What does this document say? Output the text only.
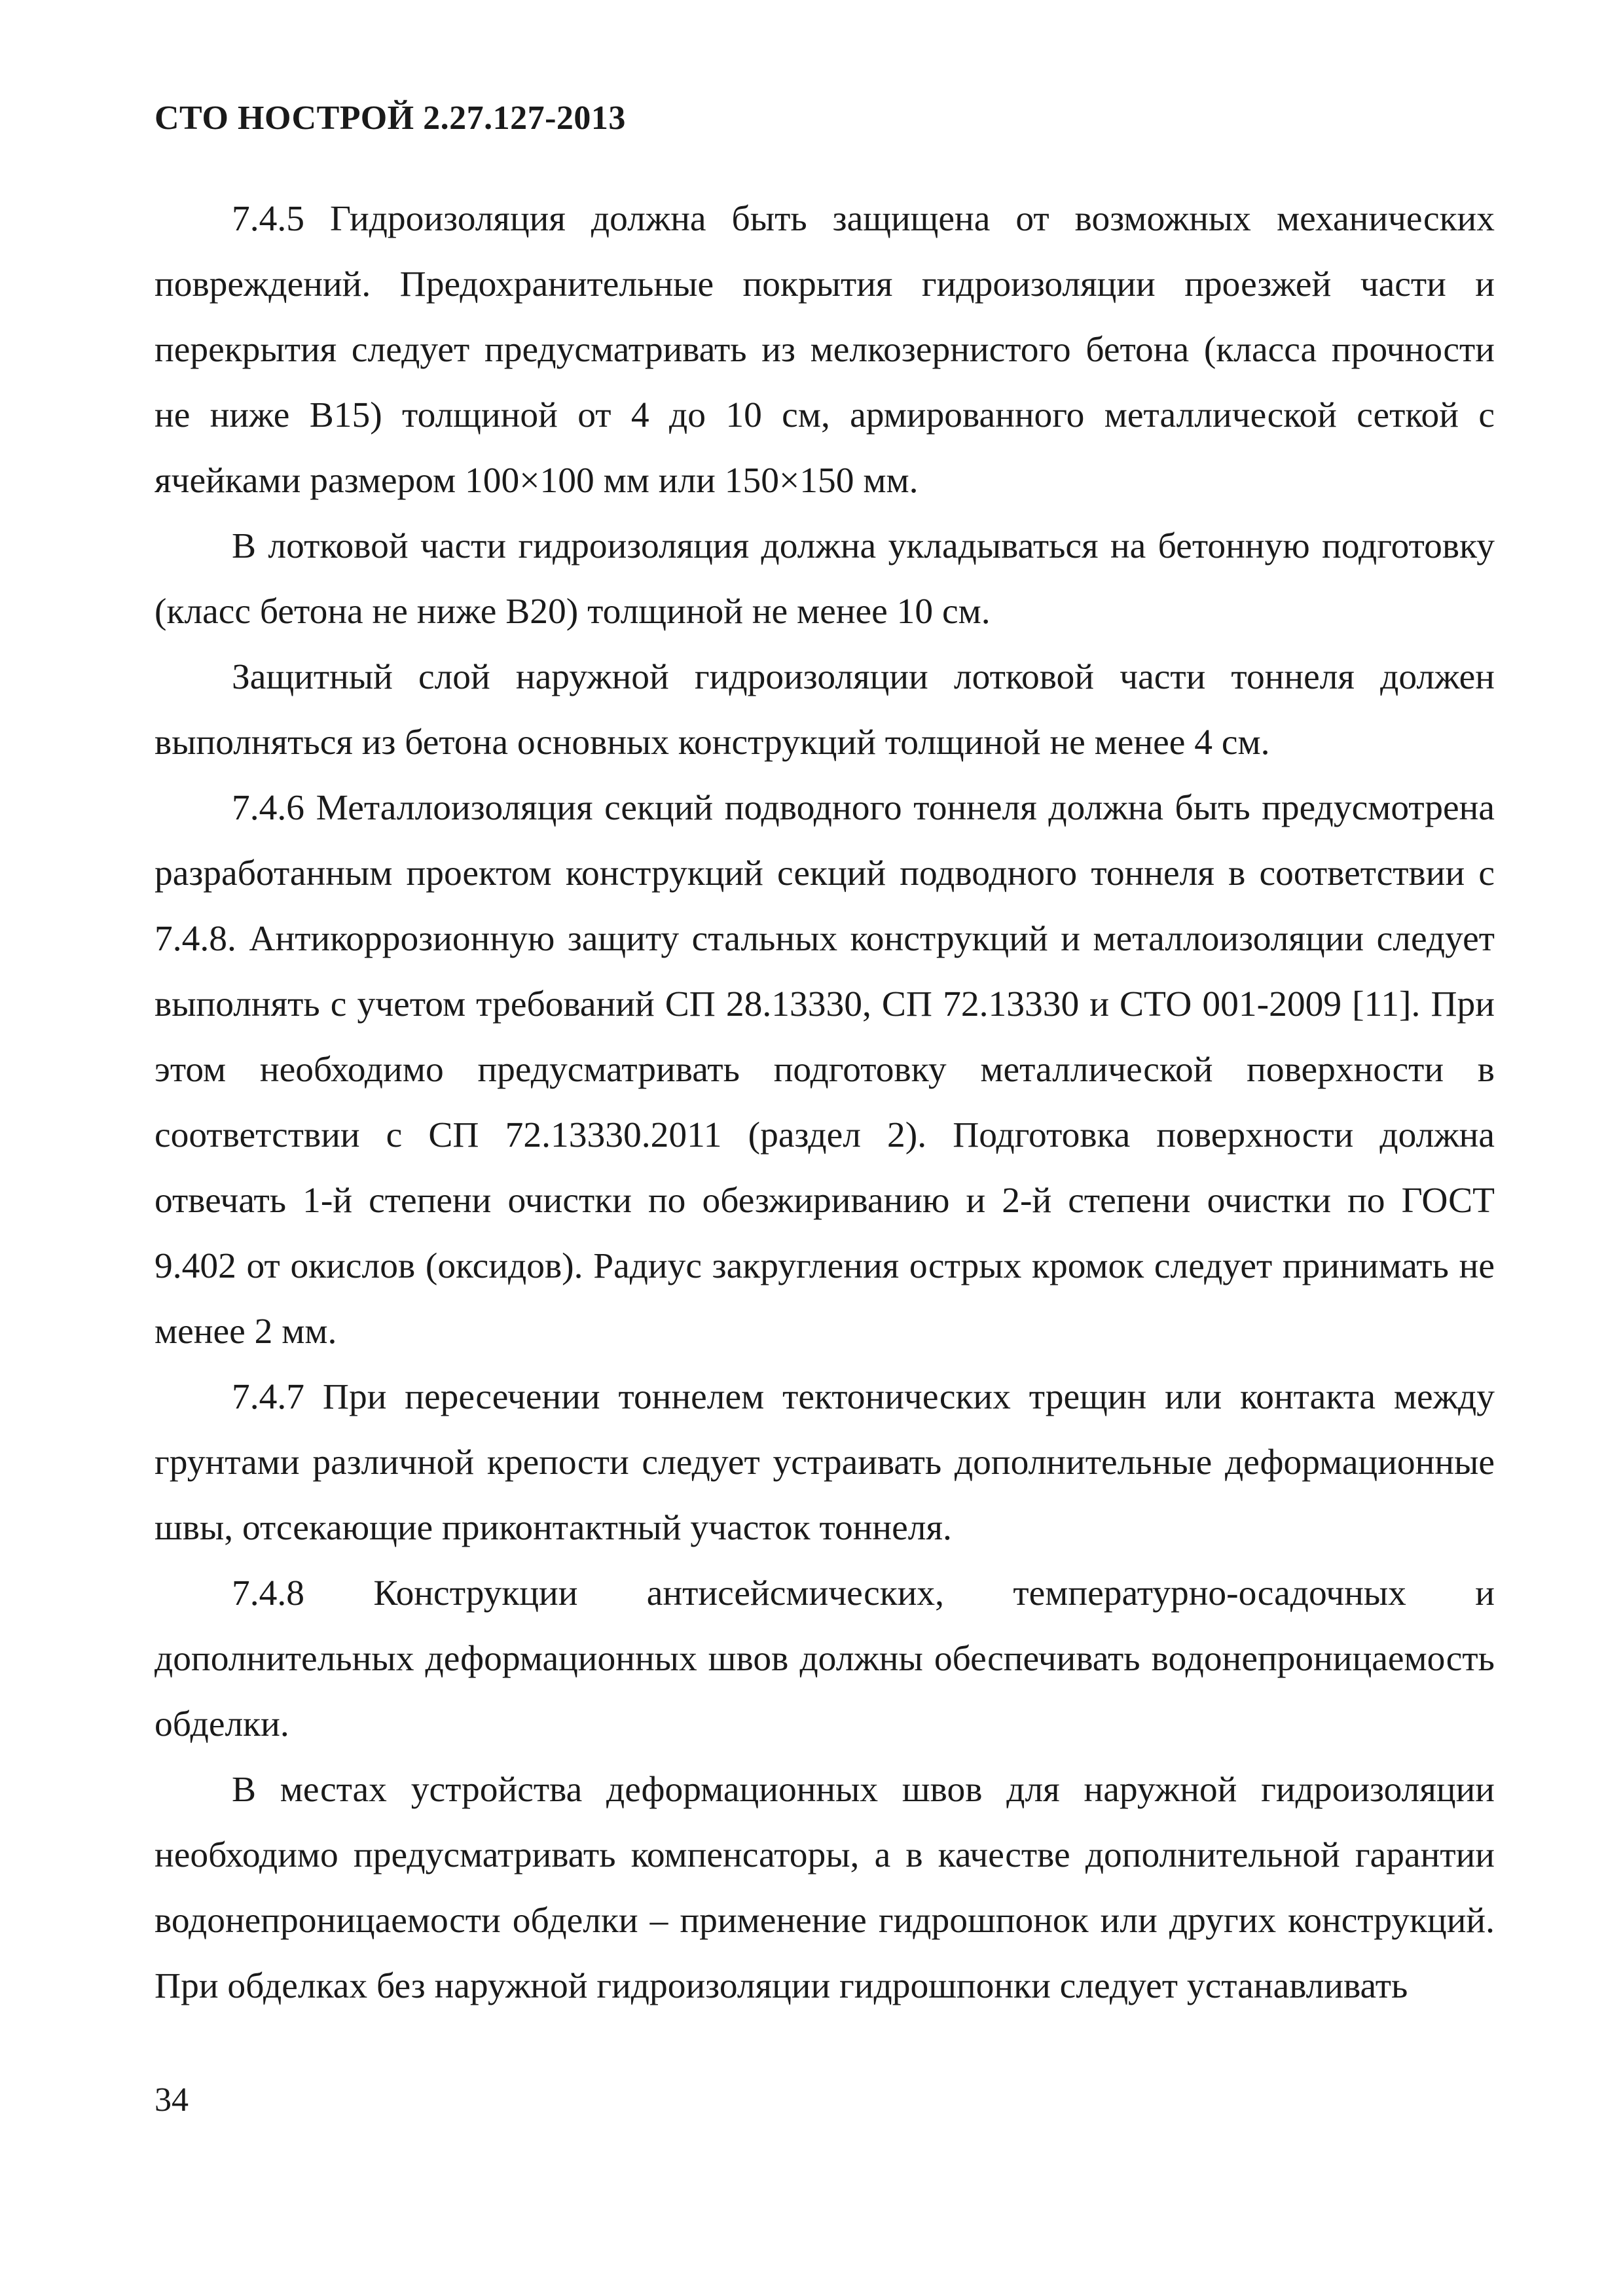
СТО НОСТРОЙ 2.27.127-2013

7.4.5 Гидроизоляция должна быть защищена от возможных механических повреждений. Предохранительные покрытия гидроизоляции проезжей части и перекрытия следует предусматривать из мелкозернистого бетона (класса прочности не ниже В15) толщиной от 4 до 10 см, армированного металлической сеткой с ячейками размером 100×100 мм или 150×150 мм.

В лотковой части гидроизоляция должна укладываться на бетонную подготовку (класс бетона не ниже В20) толщиной не менее 10 см.

Защитный слой наружной гидроизоляции лотковой части тоннеля должен выполняться из бетона основных конструкций толщиной не менее 4 см.

7.4.6 Металлоизоляция секций подводного тоннеля должна быть предусмотрена разработанным проектом конструкций секций подводного тоннеля в соответствии с 7.4.8. Антикоррозионную защиту стальных конструкций и металлоизоляции следует выполнять с учетом требований СП 28.13330, СП 72.13330 и СТО 001-2009 [11]. При этом необходимо предусматривать подготовку металлической поверхности в соответствии с СП 72.13330.2011 (раздел 2). Подготовка поверхности должна отвечать 1-й степени очистки по обезжириванию и 2-й степени очистки по ГОСТ 9.402 от окислов (оксидов). Радиус закругления острых кромок следует принимать не менее 2 мм.

7.4.7 При пересечении тоннелем тектонических трещин или контакта между грунтами различной крепости следует устраивать дополнительные деформационные швы, отсекающие приконтактный участок тоннеля.

7.4.8 Конструкции антисейсмических, температурно-осадочных и дополнительных деформационных швов должны обеспечивать водонепроницаемость обделки.

В местах устройства деформационных швов для наружной гидроизоляции необходимо предусматривать компенсаторы, а в качестве дополнительной гарантии водонепроницаемости обделки – применение гидрошпонок или других конструкций. При обделках без наружной гидроизоляции гидрошпонки следует устанавливать

34
